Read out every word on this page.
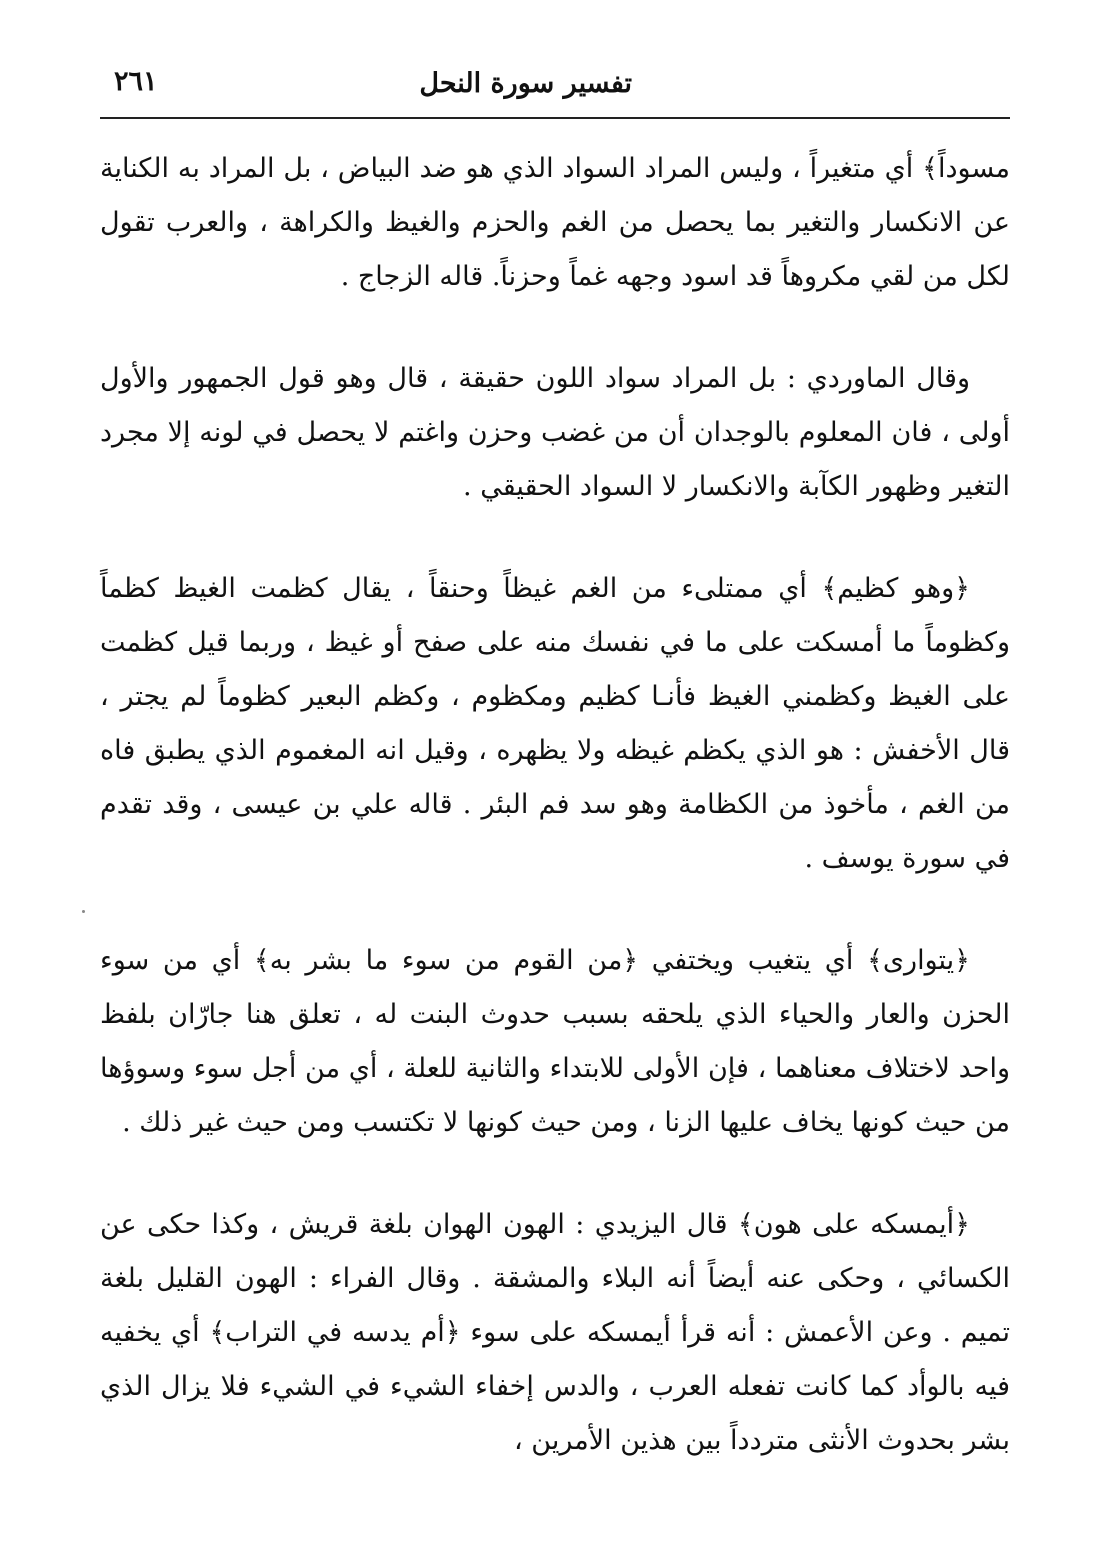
تفسير سورة النحل
٢٦١

مسوداً﴾ أي متغيراً ، وليس المراد السواد الذي هو ضد البياض ، بل المراد به الكناية عن الانكسار والتغير بما يحصل من الغم والحزم والغيظ والكراهة ، والعرب تقول لكل من لقي مكروهاً قد اسود وجهه غماً وحزناً. قاله الزجاج .

وقال الماوردي : بل المراد سواد اللون حقيقة ، قال وهو قول الجمهور والأول أولى ، فان المعلوم بالوجدان أن من غضب وحزن واغتم لا يحصل في لونه إلا مجرد التغير وظهور الكآبة والانكسار لا السواد الحقيقي .

﴿وهو كظيم﴾ أي ممتلىء من الغم غيظاً وحنقاً ، يقال كظمت الغيظ كظماً وكظوماً ما أمسكت على ما في نفسك منه على صفح أو غيظ ، وربما قيل كظمت على الغيظ وكظمني الغيظ فأنـا كظيم ومكظوم ، وكظم البعير كظوماً لم يجتر ، قال الأخفش : هو الذي يكظم غيظه ولا يظهره ، وقيل انه المغموم الذي يطبق فاه من الغم ، مأخوذ من الكظامة وهو سد فم البئر . قاله علي بن عيسى ، وقد تقدم في سورة يوسف .

﴿يتوارى﴾ أي يتغيب ويختفي ﴿من القوم من سوء ما بشر به﴾ أي من سوء الحزن والعار والحياء الذي يلحقه بسبب حدوث البنت له ، تعلق هنا جارّان بلفظ واحد لاختلاف معناهما ، فإن الأولى للابتداء والثانية للعلة ، أي من أجل سوء وسوؤها من حيث كونها يخاف عليها الزنا ، ومن حيث كونها لا تكتسب ومن حيث غير ذلك .

﴿أيمسكه على هون﴾ قال اليزيدي : الهون الهوان بلغة قريش ، وكذا حكى عن الكسائي ، وحكى عنه أيضاً أنه البلاء والمشقة . وقال الفراء : الهون القليل بلغة تميم . وعن الأعمش : أنه قرأ أيمسكه على سوء ﴿أم يدسه في التراب﴾ أي يخفيه فيه بالوأد كما كانت تفعله العرب ، والدس إخفاء الشيء في الشيء فلا يزال الذي بشر بحدوث الأنثى متردداً بين هذين الأمرين ،
